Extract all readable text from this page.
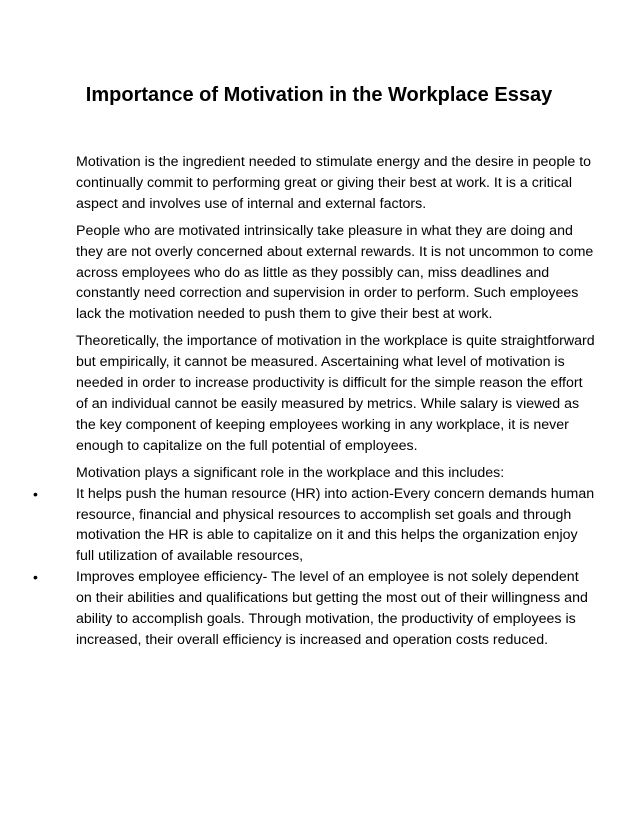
Importance of Motivation in the Workplace Essay

Motivation is the ingredient needed to stimulate energy and the desire in people to continually commit to performing great or giving their best at work. It is a critical aspect and involves use of internal and external factors.

People who are motivated intrinsically take pleasure in what they are doing and they are not overly concerned about external rewards. It is not uncommon to come across employees who do as little as they possibly can, miss deadlines and constantly need correction and supervision in order to perform. Such employees lack the motivation needed to push them to give their best at work.

Theoretically, the importance of motivation in the workplace is quite straightforward but empirically, it cannot be measured. Ascertaining what level of motivation is needed in order to increase productivity is difficult for the simple reason the effort of an individual cannot be easily measured by metrics. While salary is viewed as the key component of keeping employees working in any workplace, it is never enough to capitalize on the full potential of employees.

Motivation plays a significant role in the workplace and this includes:

•	It helps push the human resource (HR) into action-Every concern demands human resource, financial and physical resources to accomplish set goals and through motivation the HR is able to capitalize on it and this helps the organization enjoy full utilization of available resources,
•	Improves employee efficiency- The level of an employee is not solely dependent on their abilities and qualifications but getting the most out of their willingness and ability to accomplish goals. Through motivation, the productivity of employees is increased, their overall efficiency is increased and operation costs reduced.
